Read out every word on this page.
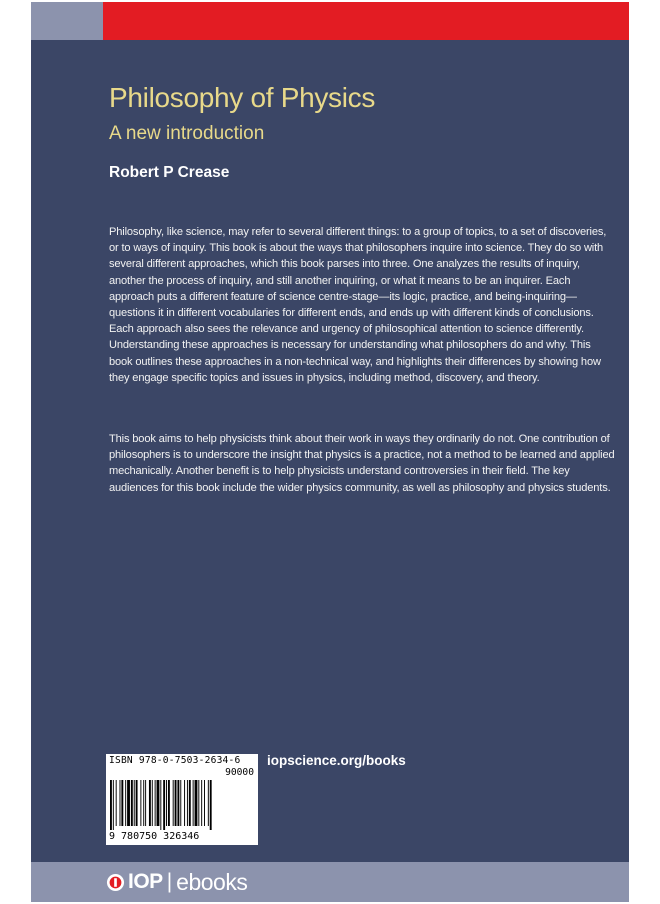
Philosophy of Physics
A new introduction
Robert P Crease

Philosophy, like science, may refer to several different things: to a group of topics, to a set of discoveries, or to ways of inquiry. This book is about the ways that philosophers inquire into science. They do so with several different approaches, which this book parses into three. One analyzes the results of inquiry, another the process of inquiry, and still another inquiring, or what it means to be an inquirer. Each approach puts a different feature of science centre-stage—its logic, practice, and being-inquiring—questions it in different vocabularies for different ends, and ends up with different kinds of conclusions. Each approach also sees the relevance and urgency of philosophical attention to science differently. Understanding these approaches is necessary for understanding what philosophers do and why. This book outlines these approaches in a non-technical way, and highlights their differences by showing how they engage specific topics and issues in physics, including method, discovery, and theory.

This book aims to help physicists think about their work in ways they ordinarily do not. One contribution of philosophers is to underscore the insight that physics is a practice, not a method to be learned and applied mechanically. Another benefit is to help physicists understand controversies in their field. The key audiences for this book include the wider physics community, as well as philosophy and physics students.

ISBN 978-0-7503-2634-6
90000
9 780750 326346
iopscience.org/books
IOP | ebooks
